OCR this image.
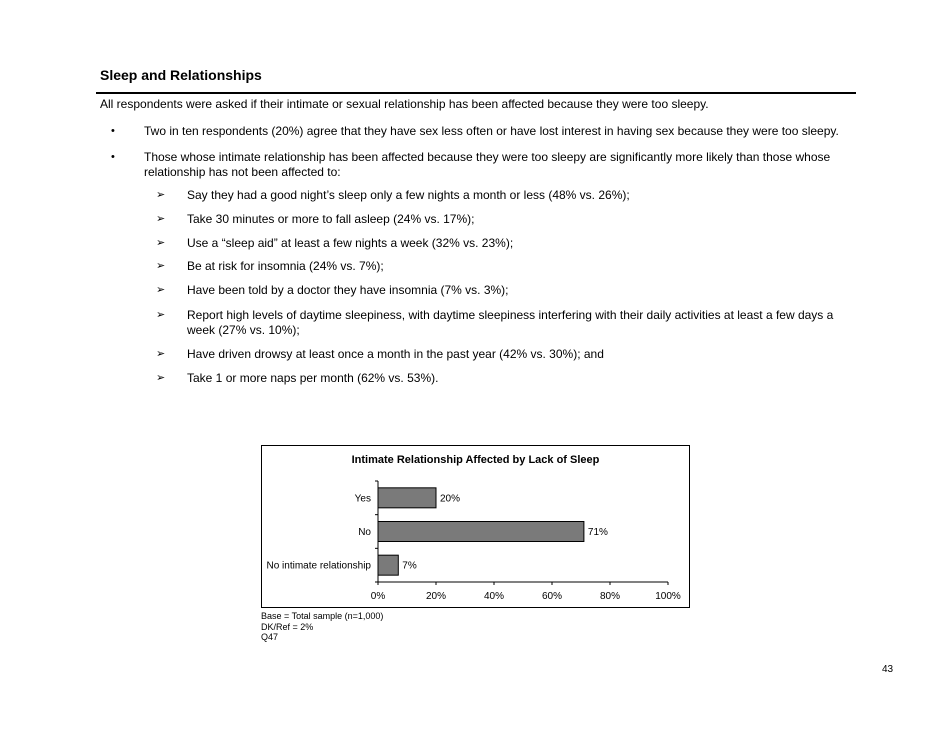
Sleep and Relationships
All respondents were asked if their intimate or sexual relationship has been affected because they were too sleepy.
• Two in ten respondents (20%) agree that they have sex less often or have lost interest in having sex because they were too sleepy.
• Those whose intimate relationship has been affected because they were too sleepy are significantly more likely than those whose relationship has not been affected to:
➢ Say they had a good night’s sleep only a few nights a month or less (48% vs. 26%);
➢ Take 30 minutes or more to fall asleep (24% vs. 17%);
➢ Use a “sleep aid” at least a few nights a week (32% vs. 23%);
➢ Be at risk for insomnia (24% vs. 7%);
➢ Have been told by a doctor they have insomnia (7% vs. 3%);
➢ Report high levels of daytime sleepiness, with daytime sleepiness interfering with their daily activities at least a few days a week (27% vs. 10%);
➢ Have driven drowsy at least once a month in the past year (42% vs. 30%); and
➢ Take 1 or more naps per month (62% vs. 53%).
Intimate Relationship Affected by Lack of Sleep
0%	20%	40%	60%	80%	100%
Yes	20%
No	71%
No intimate relationship	7%
Base = Total sample (n=1,000)
DK/Ref = 2%
Q47
43
